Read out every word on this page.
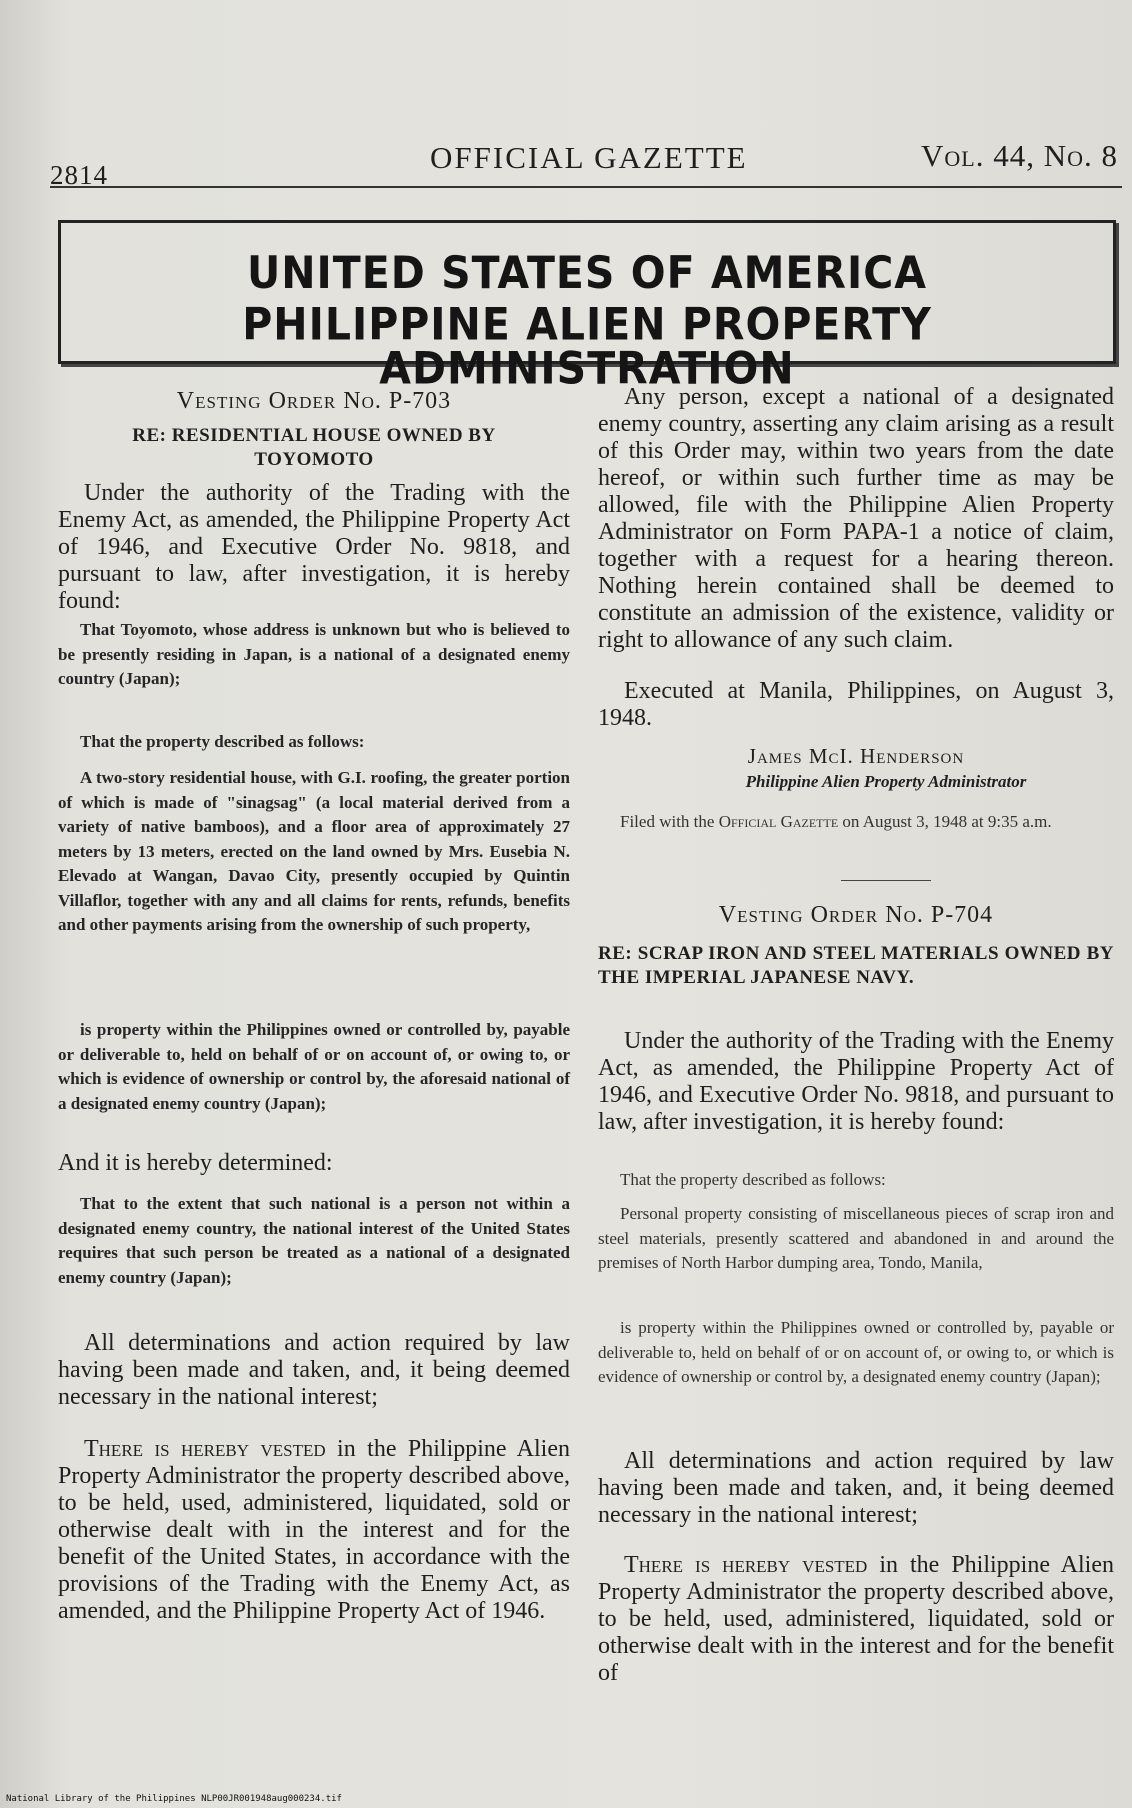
2814	OFFICIAL GAZETTE	Vol. 44, No. 8
UNITED STATES OF AMERICA
PHILIPPINE ALIEN PROPERTY ADMINISTRATION

Vesting Order No. P-703

RE: RESIDENTIAL HOUSE OWNED BY TOYOMOTO

Under the authority of the Trading with the Enemy Act, as amended, the Philippine Property Act of 1946, and Executive Order No. 9818, and pursuant to law, after investigation, it is hereby found:

That Toyomoto, whose address is unknown but who is believed to be presently residing in Japan, is a national of a designated enemy country (Japan);

That the property described as follows:

A two-story residential house, with G.I. roofing, the greater portion of which is made of "sinagsag" (a local material derived from a variety of native bamboos), and a floor area of approximately 27 meters by 13 meters, erected on the land owned by Mrs. Eusebia N. Elevado at Wangan, Davao City, presently occupied by Quintin Villaflor, together with any and all claims for rents, refunds, benefits and other payments arising from the ownership of such property,

is property within the Philippines owned or controlled by, payable or deliverable to, held on behalf of or on account of, or owing to, or which is evidence of ownership or control by, the aforesaid national of a designated enemy country (Japan);

And it is hereby determined:

That to the extent that such national is a person not within a designated enemy country, the national interest of the United States requires that such person be treated as a national of a designated enemy country (Japan);

All determinations and action required by law having been made and taken, and, it being deemed necessary in the national interest;

There is hereby vested in the Philippine Alien Property Administrator the property described above, to be held, used, administered, liquidated, sold or otherwise dealt with in the interest and for the benefit of the United States, in accordance with the provisions of the Trading with the Enemy Act, as amended, and the Philippine Property Act of 1946.

Any person, except a national of a designated enemy country, asserting any claim arising as a result of this Order may, within two years from the date hereof, or within such further time as may be allowed, file with the Philippine Alien Property Administrator on Form PAPA-1 a notice of claim, together with a request for a hearing thereon. Nothing herein contained shall be deemed to constitute an admission of the existence, validity or right to allowance of any such claim.

Executed at Manila, Philippines, on August 3, 1948.

James McI. Henderson

Philippine Alien Property Administrator

Filed with the Official Gazette on August 3, 1948 at 9:35 a.m.

Vesting Order No. P-704

RE: SCRAP IRON AND STEEL MATERIALS OWNED BY THE IMPERIAL JAPANESE NAVY.

Under the authority of the Trading with the Enemy Act, as amended, the Philippine Property Act of 1946, and Executive Order No. 9818, and pursuant to law, after investigation, it is hereby found:

That the property described as follows:

Personal property consisting of miscellaneous pieces of scrap iron and steel materials, presently scattered and abandoned in and around the premises of North Harbor dumping area, Tondo, Manila,

is property within the Philippines owned or controlled by, payable or deliverable to, held on behalf of or on account of, or owing to, or which is evidence of ownership or control by, a designated enemy country (Japan);

All determinations and action required by law having been made and taken, and, it being deemed necessary in the national interest;

There is hereby vested in the Philippine Alien Property Administrator the property described above, to be held, used, administered, liquidated, sold or otherwise dealt with in the interest and for the benefit of

National Library of the Philippines NLP00JR001948aug000234.tif
